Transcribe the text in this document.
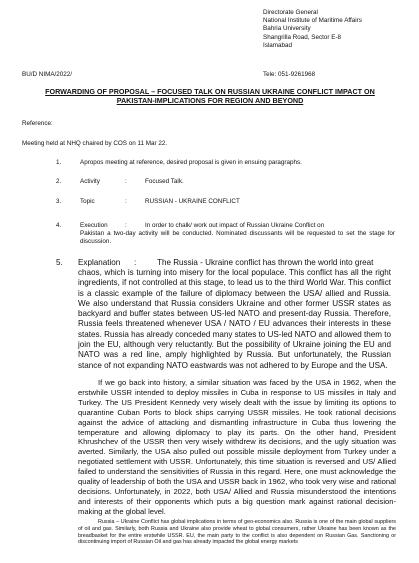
Directorate General
National Institute of Maritime Affairs
Bahria University
Shangrilla Road, Sector E-8
Islamabad
BU/D NIMA/2022/	Tele: 051-9261968
FORWARDING OF PROPOSAL – FOCUSED TALK ON RUSSIAN UKRAINE CONFLICT IMPACT ON PAKISTAN-IMPLICATIONS FOR REGION AND BEYOND
Reference:
Meeting held at NHQ chaired by COS on 11 Mar 22.
1.	Apropos meeting at reference, desired proposal is given in ensuing paragraphs.
2.	Activity	:	Focused Talk.
3.	Topic	:	RUSSIAN - UKRAINE CONFLICT
4.	Execution	:	In order to chalk/ work out impact of Russian Ukraine Conflict on
Pakistan a two-day activity will be conducted. Nominated discussants will be requested to set the stage for discussion.
5. Explanation :	The Russia - Ukraine conflict has thrown the world into great
chaos, which is turning into misery for the local populace. This conflict has all the right ingredients, if not controlled at this stage, to lead us to the third World War. This conflict is a classic example of the failure of diplomacy between the USA/ allied and Russia. We also understand that Russia considers Ukraine and other former USSR states as backyard and buffer states between US-led NATO and present-day Russia. Therefore, Russia feels threatened whenever USA / NATO / EU advances their interests in these states. Russia has already conceded many states to US-led NATO and allowed them to join the EU, although very reluctantly. But the possibility of Ukraine joining the EU and NATO was a red line, amply highlighted by Russia. But unfortunately, the Russian stance of not expanding NATO eastwards was not adhered to by Europe and the USA.
If we go back into history, a similar situation was faced by the USA in 1962, when the erstwhile USSR intended to deploy missiles in Cuba in response to US missiles in Italy and Turkey. The US President Kennedy very wisely dealt with the issue by limiting its options to quarantine Cuban Ports to block ships carrying USSR missiles. He took rational decisions against the advice of attacking and dismantling infrastructure in Cuba thus lowering the temperature and allowing diplomacy to play its parts. On the other hand, President Khrushchev of the USSR then very wisely withdrew its decisions, and the ugly situation was averted. Similarly, the USA also pulled out possible missile deployment from Turkey under a negotiated settlement with USSR. Unfortunately, this time situation is reversed and US/ Allied failed to understand the sensitivities of Russia in this regard. Here, one must acknowledge the quality of leadership of both the USA and USSR back in 1962, who took very wise and rational decisions. Unfortunately, in 2022, both USA/ Allied and Russia misunderstood the intentions and interests of their opponents which puts a big question mark against rational decision-making at the global level.
Russia – Ukraine Conflict has global implications in terms of geo-economics also. Russia is one of the main global suppliers of oil and gas. Similarly, both Russia and Ukraine also provide wheat to global consumers, rather Ukraine has been known as the breadbasket for the entire erstwhile USSR. EU, the main party to the conflict is also dependent on Russian Gas. Sanctioning or discontinuing import of Russian Oil and gas has already impacted the global energy markets
